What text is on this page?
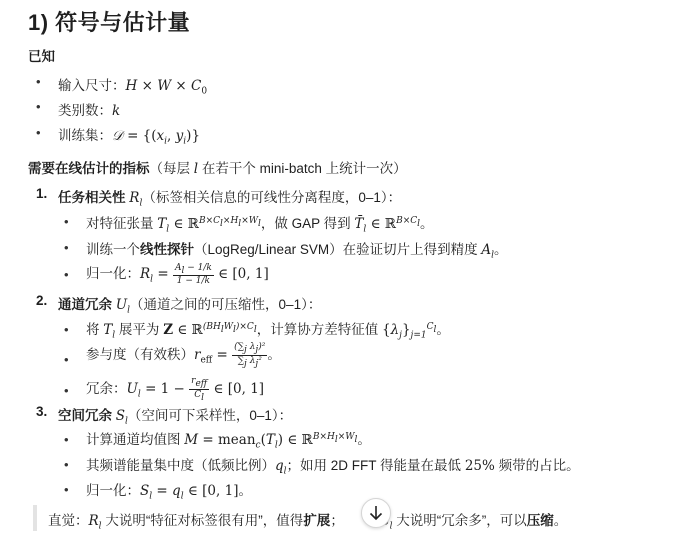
1) 符号与估计量
已知
• 输入尺寸：$H \times W \times C_0$
• 类别数：k
• 训练集：𝒟 = {($x_i$, $y_i$)}
需要在线估计的指标（每层 l 在若干个 mini-batch 上统计一次）
1. 任务相关性 $R_l$（标签相关信息的可线性分离程度，0–1）：
• 对特征张量 $T_l$ ∈ ℝ$^{B\times C_l\times H_l\times W_l}$，做 GAP 得到 $T̄_l$ ∈ ℝ$^{B\times C_l}$。
• 训练一个线性探针（LogReg/Linear SVM）在验证切片上得到精度 $A_l$。
• 归一化：$R_l = \frac{A_l - 1/k}{1 - 1/k}$ ∈ [0, 1]
2. 通道冗余 $U_l$（通道之间的可压缩性，0–1）：
• 将 $T_l$ 展平为 Z ∈ ℝ$^{(BH_lW_l)\times C_l}$，计算协方差特征值 $\{\lambda_j\}_{j=1}^{C_l}$。
• 参与度（有效秩）$r_{eff} = \frac{(\sum_j \lambda_j)^2}{\sum_j \lambda_j^2}$ 。
• 冗余：$U_l = 1 - \frac{r_{eff}}{C_l}$ ∈ [0, 1]
3. 空间冗余 $S_l$（空间可下采样性，0–1）：
• 计算通道均值图 $M = mean_c(T_l)$ ∈ ℝ$^{B\times H_l\times W_l}$。
• 其频谱能量集中度（低频比例）$q_l$；如用 2D FFT 得能量在最低 25% 频带的占比。
• 归一化：$S_l = q_l$ ∈ [0, 1]。
直觉：$R_l$ 大说明“特征对标签很有用”，值得扩展；	$_l$ 大说明“冗余多”，可以压缩。
